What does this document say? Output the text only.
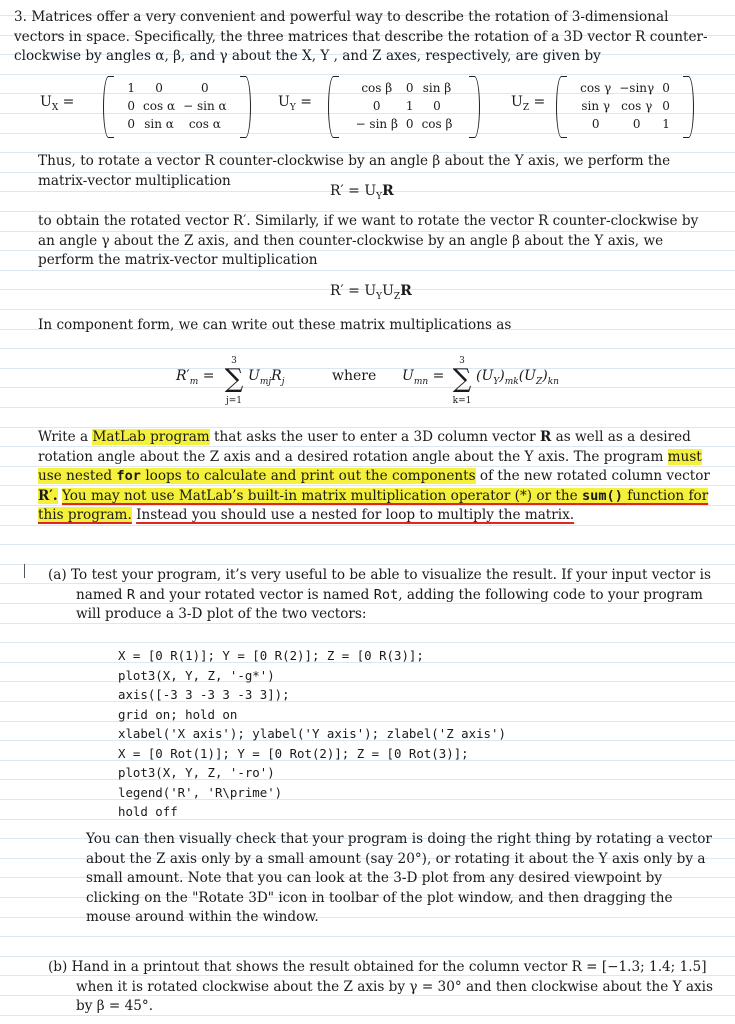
3. Matrices offer a very convenient and powerful way to describe the rotation of 3-dimensional vectors in space. Specifically, the three matrices that describe the rotation of a 3D vector R counter-clockwise by angles α, β, and γ about the X, Y , and Z axes, respectively, are given by

$U_X$ =
1	0	0
0	cos α	− sin α
0	sin α	cos α
$U_Y$ =
cos β	0	sin β
0	1	0
− sin β	0	cos β
$U_Z$ =
cos γ	−sinγ	0
sin γ	cos γ	0
0	0	1

Thus, to rotate a vector R counter-clockwise by an angle β about the Y axis, we perform the matrix-vector multiplication

$R' = U_YR$

to obtain the rotated vector R′. Similarly, if we want to rotate the vector R counter-clockwise by an angle γ about the Z axis, and then counter-clockwise by an angle β about the Y axis, we perform the matrix-vector multiplication

$R' = U_YU_ZR$

In component form, we can write out these matrix multiplications as

$R'_m$ =
3
∑
j=1
$U_{mj}R_j$	where $U_{mn}$ =
3
∑
k=1
$(U_Y)_{mk}(U_Z)_{kn}$

Write a MatLab program that asks the user to enter a 3D column vector R as well as a desired rotation angle about the Z axis and a desired rotation angle about the Y axis. The program must use nested for loops to calculate and print out the components of the new rotated column vector R′. You may not use MatLab’s built-in matrix multiplication operator (*) or the sum() function for this program. Instead you should use a nested for loop to multiply the matrix.

(a) To test your program, it’s very useful to be able to visualize the result. If your input vector is named R and your rotated vector is named Rot, adding the following code to your program will produce a 3-D plot of the two vectors:

X = [0 R(1)]; Y = [0 R(2)]; Z = [0 R(3)];
plot3(X, Y, Z, '-g*')
axis([-3 3 -3 3 -3 3]);
grid on; hold on
xlabel('X axis'); ylabel('Y axis'); zlabel('Z axis')
X = [0 Rot(1)]; Y = [0 Rot(2)]; Z = [0 Rot(3)];
plot3(X, Y, Z, '-ro')
legend('R', 'R\prime')
hold off

You can then visually check that your program is doing the right thing by rotating a vector about the Z axis only by a small amount (say 20°), or rotating it about the Y axis only by a small amount. Note that you can look at the 3-D plot from any desired viewpoint by clicking on the "Rotate 3D" icon in toolbar of the plot window, and then dragging the mouse around within the window.

(b) Hand in a printout that shows the result obtained for the column vector R = [−1.3; 1.4; 1.5] when it is rotated clockwise about the Z axis by γ = 30° and then clockwise about the Y axis by β = 45°.
